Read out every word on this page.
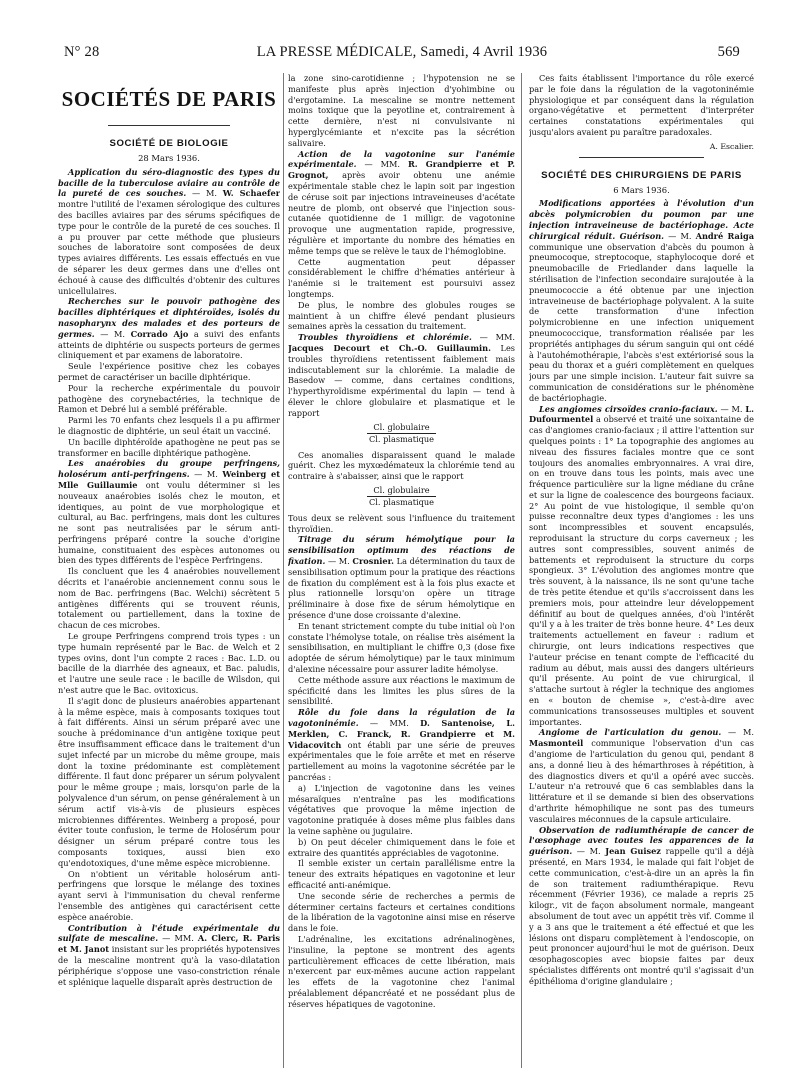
N° 28	LA PRESSE MÉDICALE, Samedi, 4 Avril 1936	569
SOCIÉTÉS DE PARIS
SOCIÉTÉ DE BIOLOGIE
28 Mars 1936.

Application du séro-diagnostic des types du bacille de la tuberculose aviaire au contrôle de la pureté de ces souches. — M. W. Schaefer montre l'utilité de l'examen sérologique des cultures des bacilles aviaires par des sérums spécifiques de type pour le contrôle de la pureté de ces souches. Il a pu prouver par cette méthode que plusieurs souches de laboratoire sont composées de deux types aviaires différents. Les essais effectués en vue de séparer les deux germes dans une d'elles ont échoué à cause des difficultés d'obtenir des cultures unicellulaires.

Recherches sur le pouvoir pathogène des bacilles diphtériques et diphtéroïdes, isolés du nasopharynx des malades et des porteurs de germes. — M. Corrado Ajo a suivi des enfants atteints de diphtérie ou suspects porteurs de germes cliniquement et par examens de laboratoire.

Seule l'expérience positive chez les cobayes permet de caractériser un bacille diphtérique.

Pour la recherche expérimentale du pouvoir pathogène des corynebactéries, la technique de Ramon et Debré lui a semblé préférable.

Parmi les 70 enfants chez lesquels il a pu affirmer le diagnostic de diphtérie, un seul était un vacciné.

Un bacille diphtéroïde apathogène ne peut pas se transformer en bacille diphtérique pathogène.

Les anaérobies du groupe perfringens, holosérum anti-perfringens. — M. Weinberg et Mlle Guillaumie ont voulu déterminer si les nouveaux anaérobies isolés chez le mouton, et identiques, au point de vue morphologique et cultural, au Bac. perfringens, mais dont les cultures ne sont pas neutralisées par le sérum anti-perfringens préparé contre la souche d'origine humaine, constituaient des espèces autonomes ou bien des types différents de l'espèce Perfringens.

Ils concluent que les 4 anaérobies nouvellement décrits et l'anaérobie anciennement connu sous le nom de Bac. perfringens (Bac. Welchi) sécrètent 5 antigènes différents qui se trouvent réunis, totalement ou partiellement, dans la toxine de chacun de ces microbes.

Le groupe Perfringens comprend trois types : un type humain représenté par le Bac. de Welch et 2 types ovins, dont l'un compte 2 races : Bac. L.D. ou bacille de la diarrhée des agneaux, et Bac. paludis, et l'autre une seule race : le bacille de Wilsdon, qui n'est autre que le Bac. ovitoxicus.

Il s'agit donc de plusieurs anaérobies appartenant à la même espèce, mais à composants toxiques tout à fait différents. Ainsi un sérum préparé avec une souche à prédominance d'un antigène toxique peut être insuffisamment efficace dans le traitement d'un sujet infecté par un microbe du même groupe, mais dont la toxine prédominante est complètement différente. Il faut donc préparer un sérum polyvalent pour le même groupe ; mais, lorsqu'on parle de la polyvalence d'un sérum, on pense généralement à un sérum actif vis-à-vis de plusieurs espèces microbiennes différentes. Weinberg a proposé, pour éviter toute confusion, le terme de Holosérum pour désigner un sérum préparé contre tous les composants toxiques, aussi bien exo qu'endotoxiques, d'une même espèce microbienne.

On n'obtient un véritable holosérum anti-perfringens que lorsque le mélange des toxines ayant servi à l'immunisation du cheval renferme l'ensemble des antigènes qui caractérisent cette espèce anaérobie.

Contribution à l'étude expérimentale du sulfate de mescaline. — MM. A. Clerc, R. Paris et M. Janot insistant sur les propriétés hypotensives de la mescaline montrent qu'à la vaso-dilatation périphérique s'oppose une vaso-constriction rénale et splénique laquelle disparaît après destruction de

la zone sino-carotidienne ; l'hypotension ne se manifeste plus après injection d'yohimbine ou d'ergotamine. La mescaline se montre nettement moins toxique que la peyotline et, contrairement à cette dernière, n'est ni convulsivante ni hyperglycémiante et n'excite pas la sécrétion salivaire.

Action de la vagotonine sur l'anémie expérimentale. — MM. R. Grandpierre et P. Grognot, après avoir obtenu une anémie expérimentale stable chez le lapin soit par ingestion de céruse soit par injections intraveineuses d'acétate neutre de plomb, ont observé que l'injection sous-cutanée quotidienne de 1 milligr. de vagotonine provoque une augmentation rapide, progressive, régulière et importante du nombre des hématies en même temps que se relève le taux de l'hémoglobine.

Cette augmentation peut dépasser considérablement le chiffre d'hématies antérieur à l'anémie si le traitement est poursuivi assez longtemps.

De plus, le nombre des globules rouges se maintient à un chiffre élevé pendant plusieurs semaines après la cessation du traitement.

Troubles thyroïdiens et chlorémie. — MM. Jacques Decourt et Ch.-O. Guillaumin. Les troubles thyroïdiens retentissent faiblement mais indiscutablement sur la chlorémie. La maladie de Basedow — comme, dans certaines conditions, l'hyperthyroïdisme expérimental du lapin — tend à élever le chlore globulaire et plasmatique et le rapport

Cl. globulaire
Cl. plasmatique

Ces anomalies disparaissent quand le malade guérit. Chez les myxœdémateux la chlorémie tend au contraire à s'abaisser, ainsi que le rapport

Cl. globulaire
Cl. plasmatique

Tous deux se relèvent sous l'influence du traitement thyroïdien.

Titrage du sérum hémolytique pour la sensibilisation optimum des réactions de fixation. — M. Crosnier. La détermination du taux de sensibilisation optimum pour la pratique des réactions de fixation du complément est à la fois plus exacte et plus rationnelle lorsqu'on opère un titrage préliminaire à dose fixe de sérum hémolytique en présence d'une dose croissante d'alexine.

En tenant strictement compte du tube initial où l'on constate l'hémolyse totale, on réalise très aisément la sensibilisation, en multipliant le chiffre 0,3 (dose fixe adoptée de sérum hémolytique) par le taux minimum d'alexine nécessaire pour assurer ladite hémolyse.

Cette méthode assure aux réactions le maximum de spécificité dans les limites les plus sûres de la sensibilité.

Rôle du foie dans la régulation de la vagotoninémie. — MM. D. Santenoise, L. Merklen, C. Franck, R. Grandpierre et M. Vidacovitch ont établi par une série de preuves expérimentales que le foie arrête et met en réserve partiellement au moins la vagotonine sécrétée par le pancréas :

a) L'injection de vagotonine dans les veines mésaraïques n'entraîne pas les modifications végétatives que provoque la même injection de vagotonine pratiquée à doses même plus faibles dans la veine saphène ou jugulaire.

b) On peut déceler chimiquement dans le foie et extraire des quantités appréciables de vagotonine.

Il semble exister un certain parallélisme entre la teneur des extraits hépatiques en vagotonine et leur efficacité anti-anémique.

Une seconde série de recherches a permis de déterminer certains facteurs et certaines conditions de la libération de la vagotonine ainsi mise en réserve dans le foie.

L'adrénaline, les excitations adrénalinogènes, l'insuline, la peptone se montrent des agents particulièrement efficaces de cette libération, mais n'exercent par eux-mêmes aucune action rappelant les effets de la vagotonine chez l'animal préalablement dépancréaté et ne possédant plus de réserves hépatiques de vagotonine.

Ces faits établissent l'importance du rôle exercé par le foie dans la régulation de la vagotoninémie physiologique et par conséquent dans la régulation organo-végétative et permettent d'interpréter certaines constatations expérimentales qui jusqu'alors avaient pu paraître paradoxales.

A. Escalier.
SOCIÉTÉ DES CHIRURGIENS DE PARIS
6 Mars 1936.

Modifications apportées à l'évolution d'un abcès polymicrobien du poumon par une injection intraveineuse de bactériophage. Acte chirurgical réduit. Guérison. — M. André Raiga communique une observation d'abcès du poumon à pneumocoque, streptocoque, staphylocoque doré et pneumobacille de Friedlander dans laquelle la stérilisation de l'infection secondaire surajoutée à la pneumococcie a été obtenue par une injection intraveineuse de bactériophage polyvalent. A la suite de cette transformation d'une infection polymicrobienne en une infection uniquement pneumococcique, transformation réalisée par les propriétés antiphages du sérum sanguin qui ont cédé à l'autohémothérapie, l'abcès s'est extériorisé sous la peau du thorax et a guéri complètement en quelques jours par une simple incision. L'auteur fait suivre sa communication de considérations sur le phénomène de bactériophagie.

Les angiomes cirsoïdes cranio-faciaux. — M. L. Dufourmentel a observé et traité une soixantaine de cas d'angiomes cranio-faciaux ; il attire l'attention sur quelques points : 1° La topographie des angiomes au niveau des fissures faciales montre que ce sont toujours des anomalies embryonnaires. A vrai dire, on en trouve dans tous les points, mais avec une fréquence particulière sur la ligne médiane du crâne et sur la ligne de coalescence des bourgeons faciaux. 2° Au point de vue histologique, il semble qu'on puisse reconnaître deux types d'angiomes : les uns sont incompressibles et souvent encapsulés, reproduisant la structure du corps caverneux ; les autres sont compressibles, souvent animés de battements et reproduisent la structure du corps spongieux. 3° L'évolution des angiomes montre que très souvent, à la naissance, ils ne sont qu'une tache de très petite étendue et qu'ils s'accroissent dans les premiers mois, pour atteindre leur développement définitif au bout de quelques années, d'où l'intérêt qu'il y a à les traiter de très bonne heure. 4° Les deux traitements actuellement en faveur : radium et chirurgie, ont leurs indications respectives que l'auteur précise en tenant compte de l'efficacité du radium au début, mais aussi des dangers ultérieurs qu'il présente. Au point de vue chirurgical, il s'attache surtout à régler la technique des angiomes en « bouton de chemise », c'est-à-dire avec communications transosseuses multiples et souvent importantes.

Angiome de l'articulation du genou. — M. Masmonteil communique l'observation d'un cas d'angiome de l'articulation du genou qui, pendant 8 ans, a donné lieu à des hémarthroses à répétition, à des diagnostics divers et qu'il a opéré avec succès. L'auteur n'a retrouvé que 6 cas semblables dans la littérature et il se demande si bien des observations d'arthrite hémophilique ne sont pas des tumeurs vasculaires méconnues de la capsule articulaire.

Observation de radiumthérapie de cancer de l'œsophage avec toutes les apparences de la guérison. — M. Jean Guisez rappelle qu'il a déjà présenté, en Mars 1934, le malade qui fait l'objet de cette communication, c'est-à-dire un an après la fin de son traitement radiumthérapique. Revu récemment (Février 1936), ce malade a repris 25 kilogr., vit de façon absolument normale, mangeant absolument de tout avec un appétit très vif. Comme il y a 3 ans que le traitement a été effectué et que les lésions ont disparu complètement à l'endoscopie, on peut prononcer aujourd'hui le mot de guérison. Deux œsophagoscopies avec biopsie faites par deux spécialistes différents ont montré qu'il s'agissait d'un épithélioma d'origine glandulaire ;
